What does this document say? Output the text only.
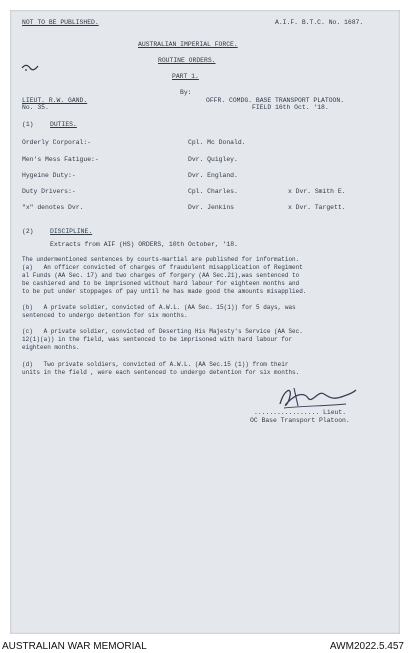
NOT TO BE PUBLISHED.	A.I.F. B.T.C. No. 1687.
AUSTRALIAN IMPERIAL FORCE.
ROUTINE ORDERS.
PART 1.
By:
LIEUT. R.W. GAND.	OFFR. COMDG. BASE TRANSPORT PLATOON.
No. 35.	FIELD 16th Oct. '18.
(1)	DUTIES.
Orderly Corporal:-	Cpl. Mc Donald.
Men's Mess Fatigue:-	Dvr. Quigley.
Hygeine Duty:-	Dvr. England.
Duty Drivers:-	Cpl. Charles.	x Dvr. Smith E.
"x" denotes Dvr.	Dvr. Jenkins	x Dvr. Targett.
(2)	DISCIPLINE.
Extracts from AIF (HS) ORDERS, 10th October, '18.
The undermentioned sentences by courts-martial are published for information.
(a)   An officer convicted of charges of fraudulent misapplication of Regiment
al Funds (AA Sec. 17) and two charges of forgery (AA Sec.21),was sentenced to
be cashiered and to be imprisoned without hard labour for eighteen months and
to be put under stoppages of pay until he has made good the amounts misapplied.
(b)   A private soldier, convicted of A.W.L. (AA Sec. 15(1)) for 5 days, was
sentenced to undergo detention for six months.
(c)   A private soldier, convicted of Deserting His Majesty's Service (AA Sec.
12(1)(a)) in the field, was sentenced to be imprisoned with hard labour for
eighteen months.
(d)   Two private soldiers, convicted of A.W.L. (AA Sec.15 (1)) from their
units in the field , were each sentenced to undergo detention for six months.
................. Lieut.
OC Base Transport Platoon.
AUSTRALIAN WAR MEMORIAL	AWM2022.5.457
